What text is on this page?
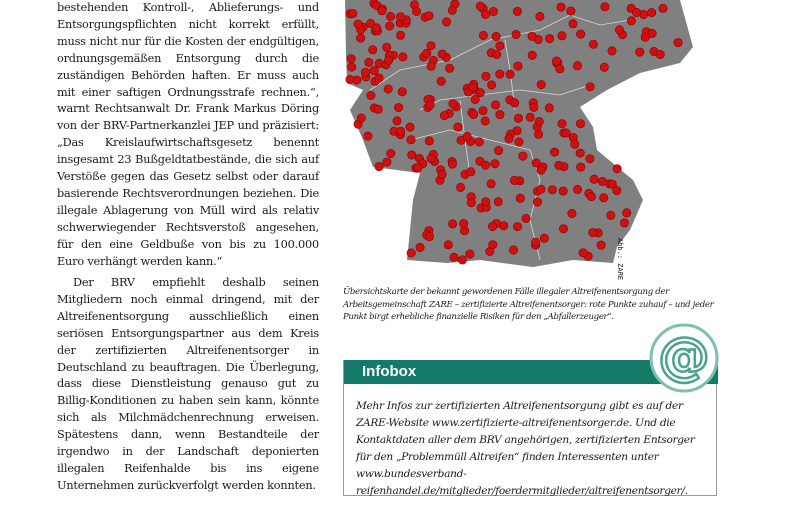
bestehenden Kontroll-, Ablieferungs- und Entsorgungspflichten nicht korrekt erfüllt, muss nicht nur für die Kosten der endgültigen, ordnungsgemäßen Entsorgung durch die zuständigen Behörden haften. Er muss auch mit einer saftigen Ordnungsstrafe rechnen.“, warnt Rechtsanwalt Dr. Frank Markus Döring von der BRV-Partnerkanzlei JEP und präzisiert: „Das Kreislaufwirtschaftsgesetz benennt insgesamt 23 Bußgeldtatbestände, die sich auf Verstöße gegen das Gesetz selbst oder darauf basierende Rechtsverordnungen beziehen. Die illegale Ablagerung von Müll wird als relativ schwerwiegender Rechtsverstoß angesehen, für den eine Geldbuße von bis zu 100.000 Euro verhängt werden kann.“

Der BRV empfiehlt deshalb seinen Mitgliedern noch einmal dringend, mit der Altreifenentsorgung ausschließlich einen seriösen Entsorgungspartner aus dem Kreis der zertifizierten Altreifenentsorger in Deutschland zu beauftragen. Die Überlegung, dass diese Dienstleistung genauso gut zu Billig-Konditionen zu haben sein kann, könnte sich als Milchmädchenrechnung erweisen. Spätestens dann, wenn Bestandteile der irgendwo in der Landschaft deponierten illegalen Reifenhalde bis ins eigene Unternehmen zurückverfolgt werden konnten.

Abb.: ZARE
Übersichtskarte der bekannt gewordenen Fälle illegaler Altreifenentsorgung der Arbeitsgemeinschaft ZARE – zertifizierte Altreifenentsorger: rote Punkte zuhauf – und jeder Punkt birgt erhebliche finanzielle Risiken für den „Abfallerzeuger“.
Infobox
Mehr Infos zur zertifizierten Altreifenentsorgung gibt es auf der ZARE-Website www.zertifizierte-altreifenentsorger.de. Und die Kontaktdaten aller dem BRV angehörigen, zertifizierten Entsorger für den „Problemmüll Altreifen“ finden Interessenten unter www.bundesverband-reifenhandel.de/mitglieder/foerdermitglieder/altreifenentsorger/.
@
